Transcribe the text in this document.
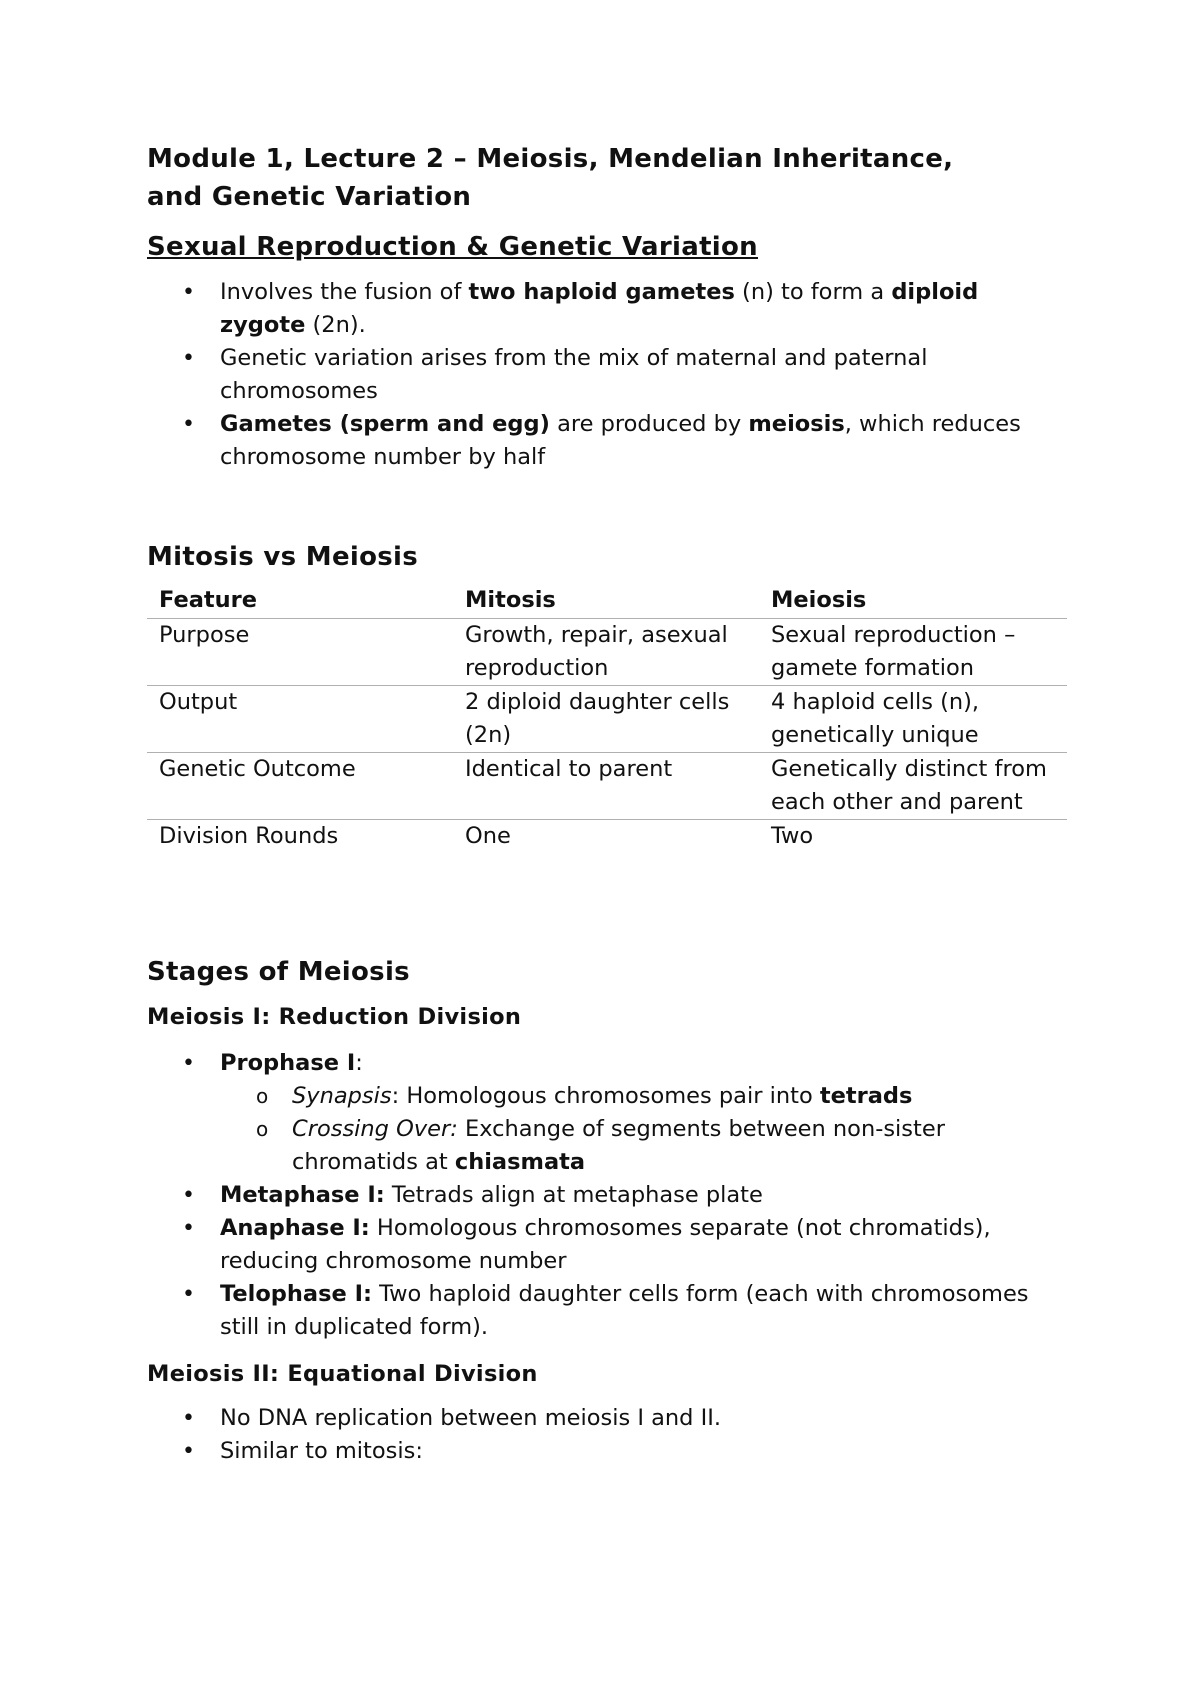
Module 1, Lecture 2 – Meiosis, Mendelian Inheritance,
and Genetic Variation
Sexual Reproduction & Genetic Variation
• Involves the fusion of two haploid gametes (n) to form a diploid zygote (2n).
• Genetic variation arises from the mix of maternal and paternal chromosomes
• Gametes (sperm and egg) are produced by meiosis, which reduces chromosome number by half
Mitosis vs Meiosis
Feature	Mitosis	Meiosis
Purpose	Growth, repair, asexual reproduction	Sexual reproduction – gamete formation
Output	2 diploid daughter cells (2n)	4 haploid cells (n), genetically unique
Genetic Outcome	Identical to parent	Genetically distinct from each other and parent
Division Rounds	One	Two
Stages of Meiosis
Meiosis I: Reduction Division
• Prophase I:
o Synapsis: Homologous chromosomes pair into tetrads
o Crossing Over: Exchange of segments between non-sister chromatids at chiasmata
• Metaphase I: Tetrads align at metaphase plate
• Anaphase I: Homologous chromosomes separate (not chromatids), reducing chromosome number
• Telophase I: Two haploid daughter cells form (each with chromosomes still in duplicated form).
Meiosis II: Equational Division
• No DNA replication between meiosis I and II.
• Similar to mitosis:
